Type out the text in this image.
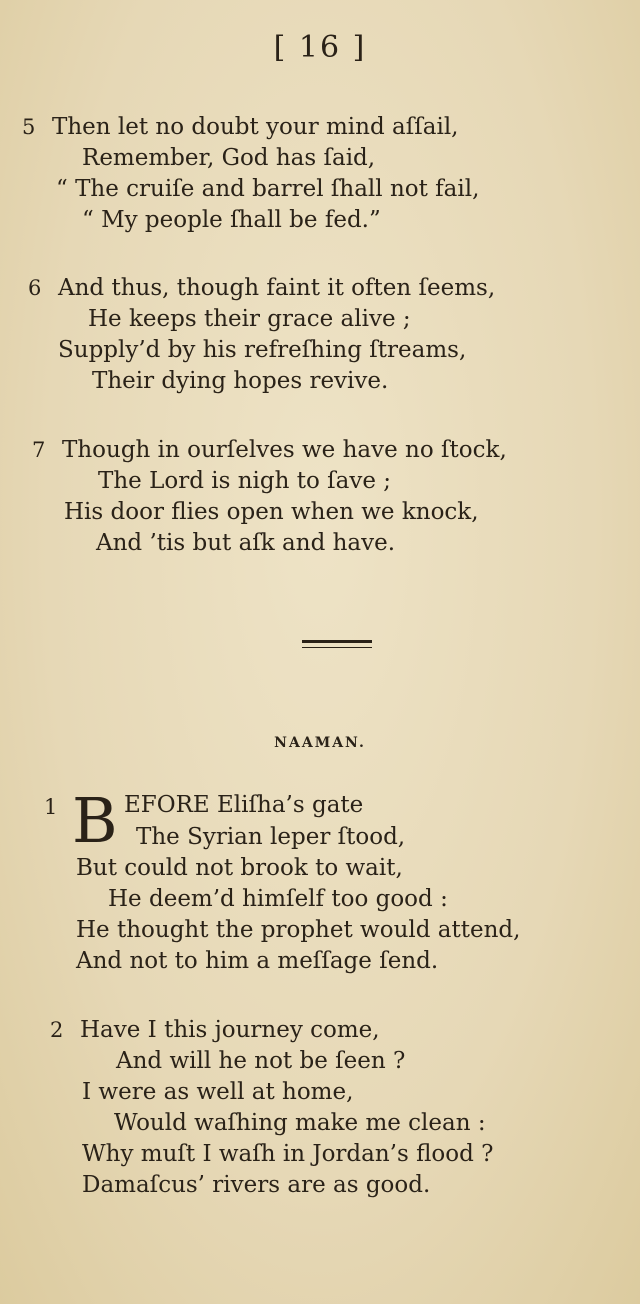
[ 16 ]
5 Then let no doubt your mind aſſail,
Remember, God has ſaid,
“ The cruiſe and barrel ſhall not fail,
“ My people ſhall be fed.”
6 And thus, though faint it often ſeems,
He keeps their grace alive ;
Supply’d by his refreſhing ſtreams,
Their dying hopes revive.
7 Though in ourſelves we have no ſtock,
The Lord is nigh to ſave ;
His door flies open when we knock,
And ’tis but aſk and have.
NAAMAN.
1 B EFORE Eliſha’s gate
The Syrian leper ſtood,
But could not brook to wait,
He deem’d himſelf too good :
He thought the prophet would attend,
And not to him a meſſage ſend.
2 Have I this journey come,
And will he not be ſeen ?
I were as well at home,
Would waſhing make me clean :
Why muſt I waſh in Jordan’s flood ?
Damaſcus’ rivers are as good.
